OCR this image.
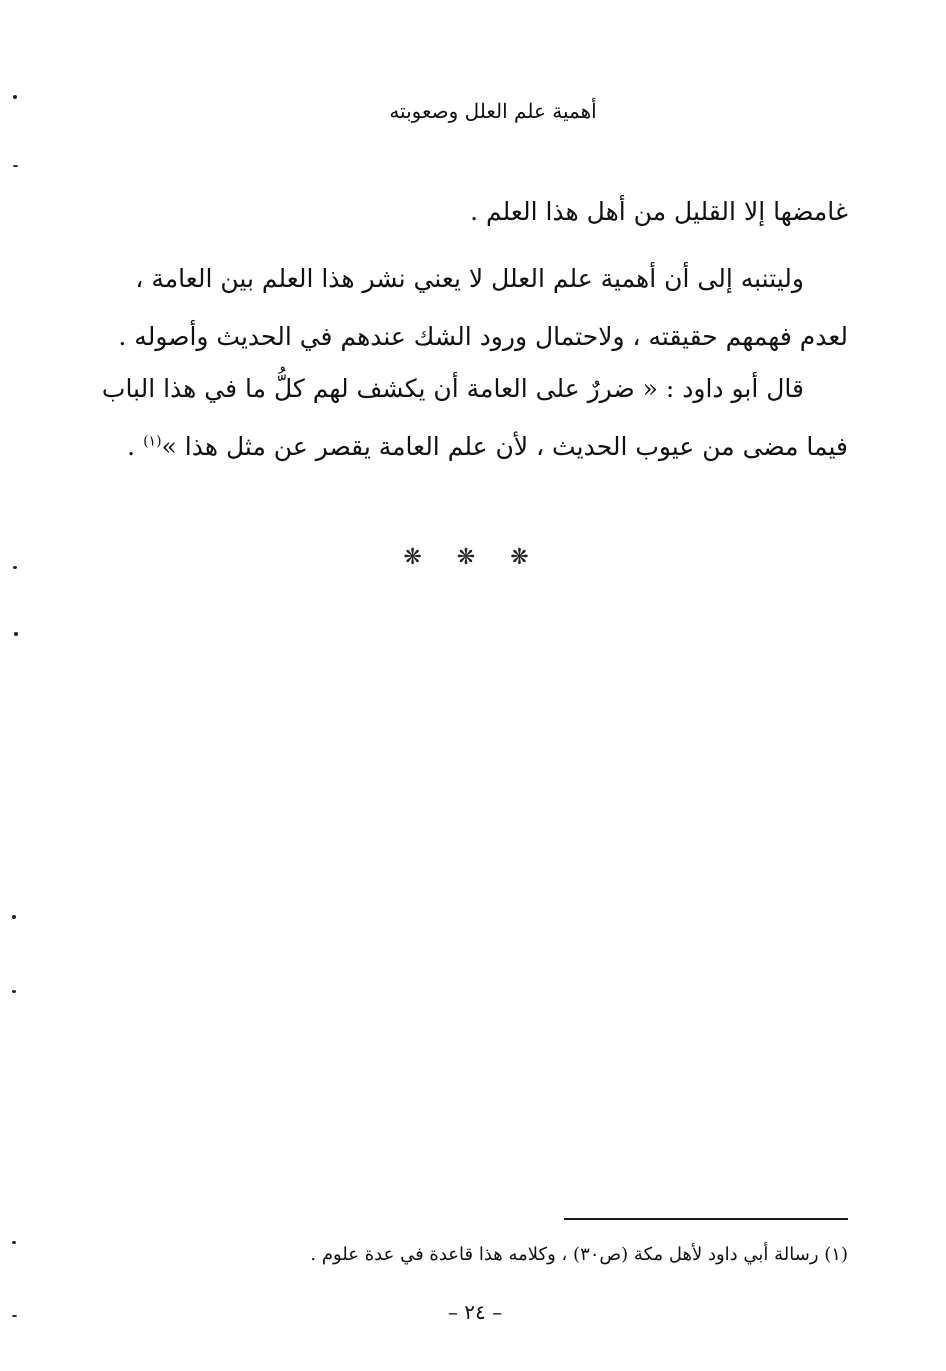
أهمية علم العلل وصعوبته
غامضها إلا القليل من أهل هذا العلم .
وليتنبه إلى أن أهمية علم العلل لا يعني نشر هذا العلم بين العامة ،
لعدم فهمهم حقيقته ، ولاحتمال ورود الشك عندهم في الحديث وأصوله .
قال أبو داود : « ضررٌ على العامة أن يكشف لهم كلُّ ما في هذا الباب
فيما مضى من عيوب الحديث ، لأن علم العامة يقصر عن مثل هذا »$^{(١)}$ .
❋ ❋ ❋
(١) رسالة أبي داود لأهل مكة (ص٣٠) ، وكلامه هذا قاعدة في عدة علوم .
– ٢٤ –
